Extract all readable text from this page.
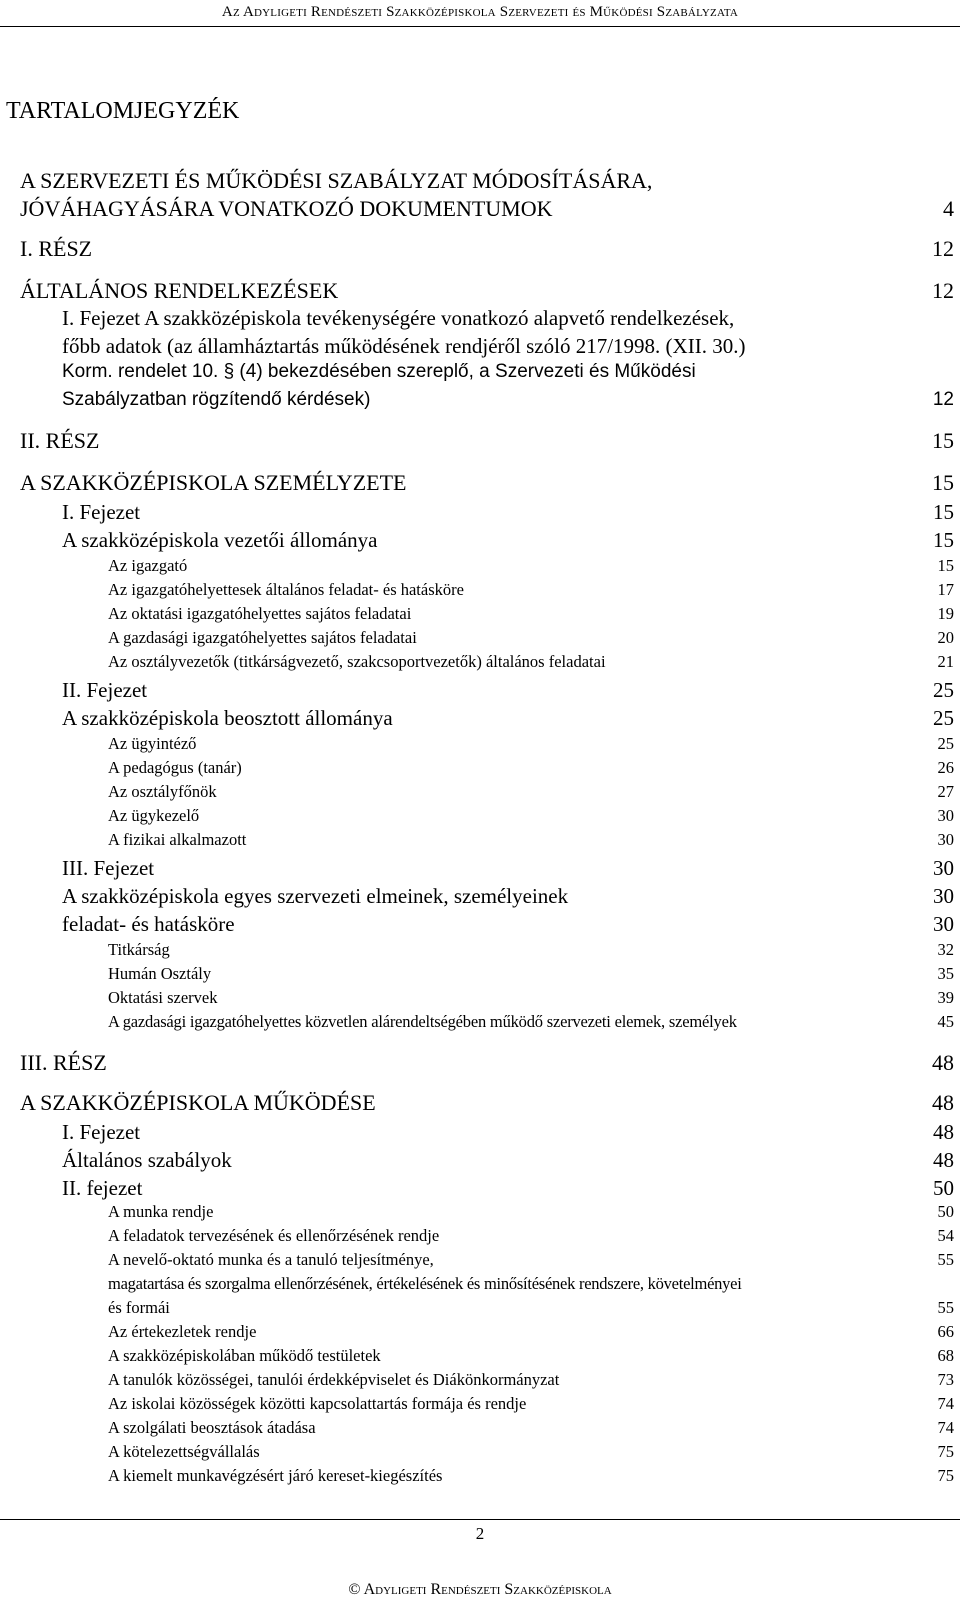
Az Adyligeti Rendészeti Szakközépiskola Szervezeti és Működési Szabályzata
TARTALOMJEGYZÉK
A SZERVEZETI ÉS MŰKÖDÉSI SZABÁLYZAT MÓDOSÍTÁSÁRA,
JÓVÁHAGYÁSÁRA VONATKOZÓ DOKUMENTUMOK	4
I. RÉSZ	12
ÁLTALÁNOS RENDELKEZÉSEK	12
I. Fejezet A szakközépiskola tevékenységére vonatkozó alapvető rendelkezések,
főbb adatok (az államháztartás működésének rendjéről szóló 217/1998. (XII. 30.)
Korm. rendelet 10. § (4) bekezdésében szereplő, a Szervezeti és Működési
Szabályzatban rögzítendő kérdések)	12
II. RÉSZ	15
A SZAKKÖZÉPISKOLA SZEMÉLYZETE	15
I. Fejezet	15
A szakközépiskola vezetői állománya	15
Az igazgató	15
Az igazgatóhelyettesek általános feladat- és hatásköre	17
Az oktatási igazgatóhelyettes sajátos feladatai	19
A gazdasági igazgatóhelyettes sajátos feladatai	20
Az osztályvezetők (titkárságvezető, szakcsoportvezetők) általános feladatai	21
II. Fejezet	25
A szakközépiskola beosztott állománya	25
Az ügyintéző	25
A pedagógus (tanár)	26
Az osztályfőnök	27
Az ügykezelő	30
A fizikai alkalmazott	30
III. Fejezet	30
A szakközépiskola egyes szervezeti elmeinek, személyeinek	30
feladat- és hatásköre	30
Titkárság	32
Humán Osztály	35
Oktatási szervek	39
A gazdasági igazgatóhelyettes közvetlen alárendeltségében működő szervezeti elemek, személyek	45
III. RÉSZ	48
A SZAKKÖZÉPISKOLA MŰKÖDÉSE	48
I. Fejezet	48
Általános szabályok	48
II. fejezet	50
A munka rendje	50
A feladatok tervezésének és ellenőrzésének rendje	54
A nevelő-oktató munka és a tanuló teljesítménye,	55
magatartása és szorgalma ellenőrzésének, értékelésének és minősítésének rendszere, követelményei
és formái	55
Az értekezletek rendje	66
A szakközépiskolában működő testületek	68
A tanulók közösségei, tanulói érdekképviselet és Diákönkormányzat	73
Az iskolai közösségek közötti kapcsolattartás formája és rendje	74
A szolgálati beosztások átadása	74
A kötelezettségvállalás	75
A kiemelt munkavégzésért járó kereset-kiegészítés	75
2
© Adyligeti Rendészeti Szakközépiskola
